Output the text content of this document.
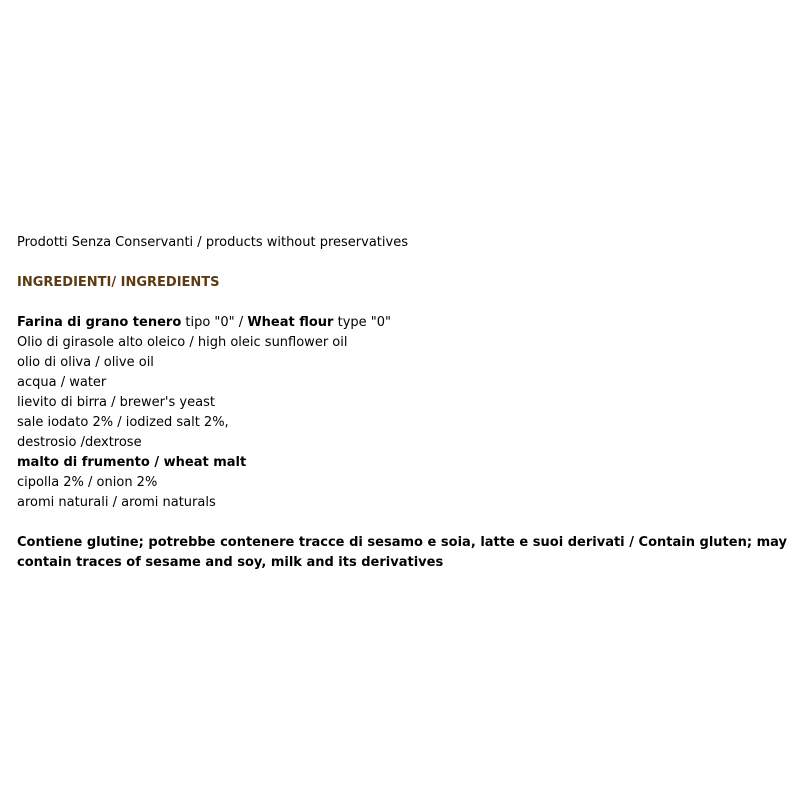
Prodotti Senza Conservanti / products without preservatives

INGREDIENTI/ INGREDIENTS

Farina di grano tenero tipo "0" / Wheat flour type "0"

Olio di girasole alto oleico / high oleic sunflower oil

olio di oliva / olive oil

acqua / water

lievito di birra / brewer's yeast

sale iodato 2% / iodized salt 2%,

destrosio /dextrose

malto di frumento / wheat malt

cipolla 2% / onion 2%

aromi naturali / aromi naturals

Contiene glutine; potrebbe contenere tracce di sesamo e soia, latte e suoi derivati / Contain gluten; may contain traces of sesame and soy, milk and its derivatives
